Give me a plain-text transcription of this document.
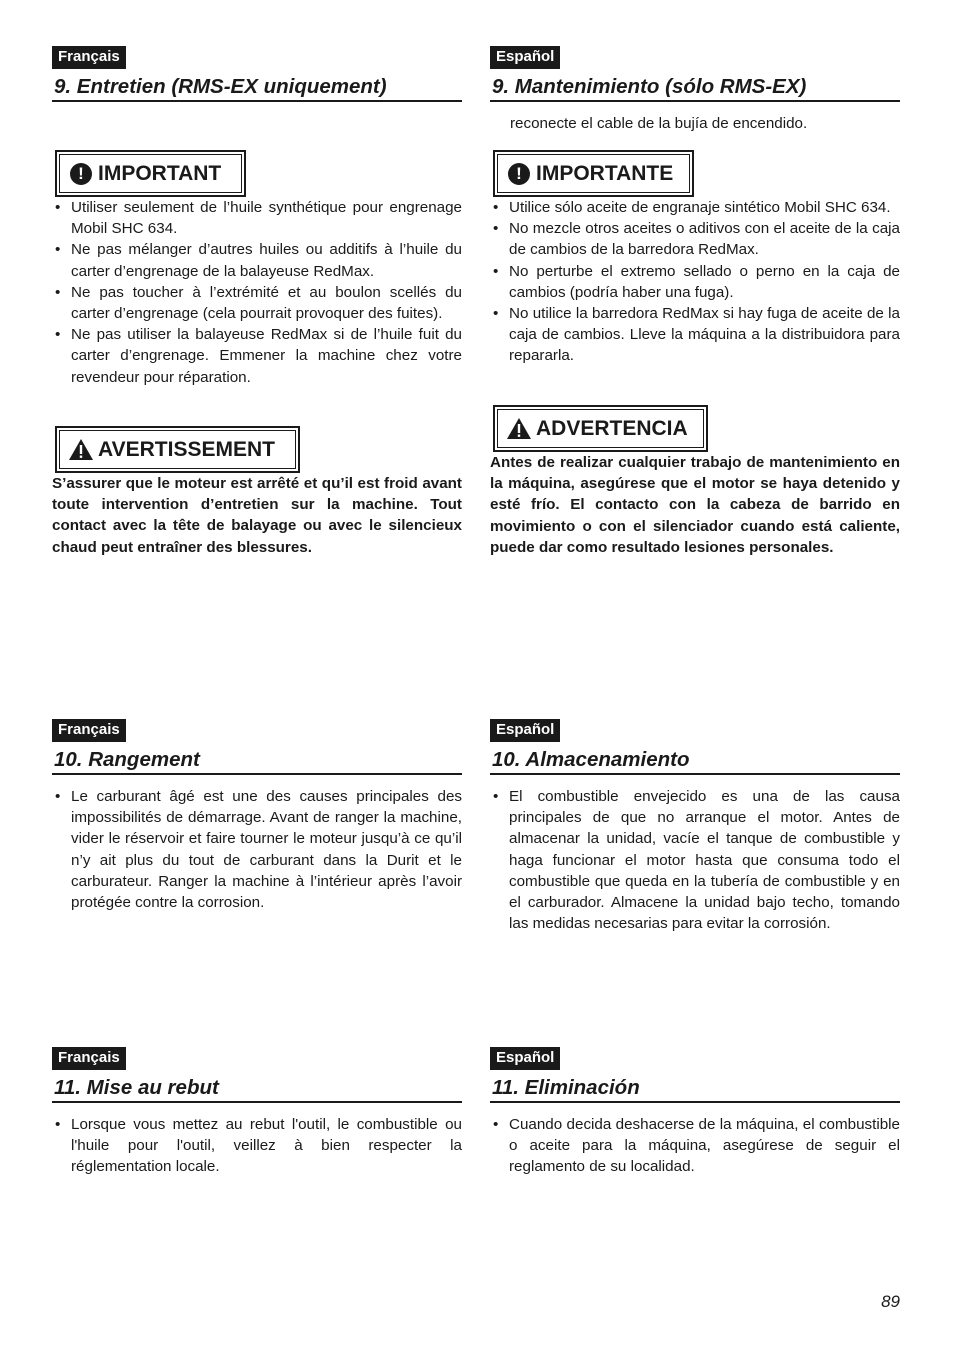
Français
9. Entretien (RMS-EX uniquement)
! IMPORTANT
• Utiliser seulement de l’huile synthétique pour engrenage Mobil SHC 634.
• Ne pas mélanger d’autres huiles ou additifs à l’huile du carter d’engrenage de la balayeuse RedMax.
• Ne pas toucher à l’extrémité et au boulon scellés du carter d’engrenage (cela pourrait provoquer des fuites).
• Ne pas utiliser la balayeuse RedMax si de l’huile fuit du carter d’engrenage. Emmener la machine chez votre revendeur pour réparation.
AVERTISSEMENT

S’assurer que le moteur est arrêté et qu’il est froid avant toute intervention d’entretien sur la machine. Tout contact avec la tête de balayage ou avec le silencieux chaud peut entraîner des blessures.

Español
9. Mantenimiento (sólo RMS-EX)

reconecte el cable de la bujía de encendido.

! IMPORTANTE
• Utilice sólo aceite de engranaje sintético Mobil SHC 634.
• No mezcle otros aceites o aditivos con el aceite de la caja de cambios de la barredora RedMax.
• No perturbe el extremo sellado o perno en la caja de cambios (podría haber una fuga).
• No utilice la barredora RedMax si hay fuga de aceite de la caja de cambios. Lleve la máquina a la distribuidora para repararla.
ADVERTENCIA

Antes de realizar cualquier trabajo de mantenimiento en la máquina, asegúrese que el motor se haya detenido y esté frío. El contacto con la cabeza de barrido en movimiento o con el silenciador cuando está caliente, puede dar como resultado lesiones personales.

Français
10. Rangement
• Le carburant âgé est une des causes principales des impossibilités de démarrage. Avant de ranger la machine, vider le réservoir et faire tourner le moteur jusqu’à ce qu’il n’y ait plus du tout de carburant dans la Durit et le carburateur. Ranger la machine à l’intérieur après l’avoir protégée contre la corrosion.
Español
10. Almacenamiento
• El combustible envejecido es una de las causa principales de que no arranque el motor. Antes de almacenar la unidad, vacíe el tanque de combustible y haga funcionar el motor hasta que consuma todo el combustible que queda en la tubería de combustible y en el carburador. Almacene la unidad bajo techo, tomando las medidas necesarias para evitar la corrosión.
Français
11. Mise au rebut
• Lorsque vous mettez au rebut l'outil, le combustible ou l'huile pour l'outil, veillez à bien respecter la réglementation locale.
Español
11. Eliminación
• Cuando decida deshacerse de la máquina, el combustible o aceite para la máquina, asegúrese de seguir el reglamento de su localidad.
89
